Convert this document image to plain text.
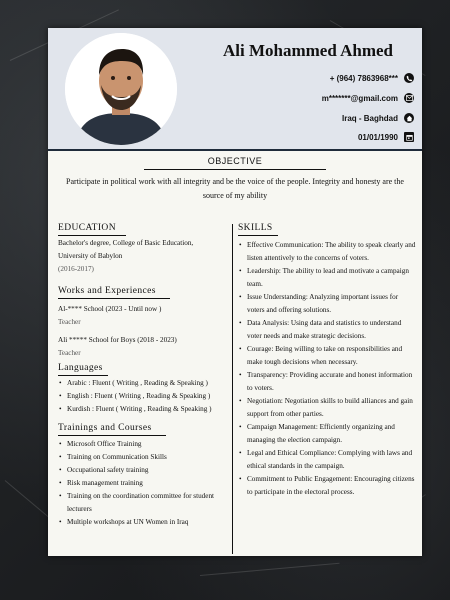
Ali Mohammed Ahmed
+ (964) 7863968***
m*******@gmail.com
Iraq - Baghdad
01/01/1990
OBJECTIVE
Participate in political work with all integrity and be the voice of the people. Integrity and honesty are the source of my ability
EDUCATION
Bachelor's degree, College of Basic Education,
University of Babylon
(2016-2017)
Works and Experiences
Al-**** School (2023 - Until now )
Teacher
Ali ***** School for Boys (2018 - 2023)
Teacher
Languages
• Arabic : Fluent ( Writing , Reading & Speaking )
• English : Fluent ( Writing , Reading & Speaking )
• Kurdish : Fluent ( Writing , Reading & Speaking )
Trainings and Courses
• Microsoft Office Training
• Training on Communication Skills
• Occupational safety training
• Risk management training
• Training on the coordination committee for student lecturers
• Multiple workshops at UN Women in Iraq
SKILLS
• Effective Communication: The ability to speak clearly and listen attentively to the concerns of voters.
• Leadership: The ability to lead and motivate a campaign team.
• Issue Understanding: Analyzing important issues for voters and offering solutions.
• Data Analysis: Using data and statistics to understand voter needs and make strategic decisions.
• Courage: Being willing to take on responsibilities and make tough decisions when necessary.
• Transparency: Providing accurate and honest information to voters.
• Negotiation: Negotiation skills to build alliances and gain support from other parties.
• Campaign Management: Efficiently organizing and managing the election campaign.
• Legal and Ethical Compliance: Complying with laws and ethical standards in the campaign.
• Commitment to Public Engagement: Encouraging citizens to participate in the electoral process.
